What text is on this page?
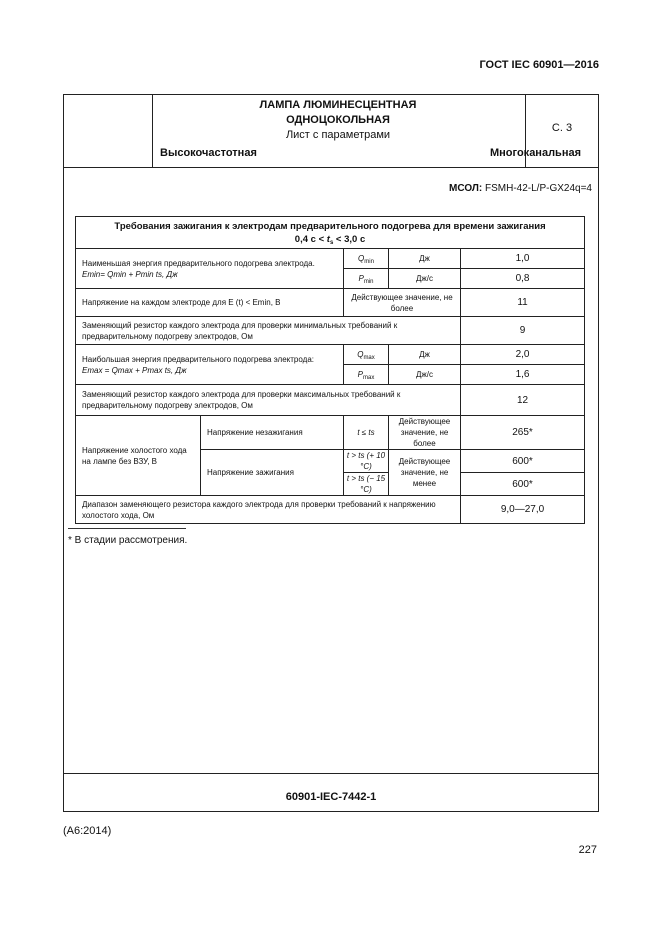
ГОСТ IEC 60901—2016
ЛАМПА ЛЮМИНЕСЦЕНТНАЯ
ОДНОЦОКОЛЬНАЯ
Лист с параметрами
Высокочастотная	Многоканальная
С. 3
МСОЛ: FSMH-42-L/P-GX24q=4
Требования зажигания к электродам предварительного подогрева для времени зажигания
0,4 $с < t_s < 3,0$ с				

Наименьшая энергия предварительного подогрева электрода.
Emin= Qmin + Pmin ts, Дж		$Q_{min}$	Дж	1,0
		$P_{min}$	Дж/с	0,8
Напряжение на каждом электроде для E (t) < Emin, В		Действующее значение, не более		11
Заменяющий резистор каждого электрода для проверки минимальных требований к предварительному подогреву электродов, Ом				9

Наибольшая энергия предварительного подогрева электрода:
Emax = Qmax + Pmax ts, Дж		$Q_{max}$	Дж	2,0
		$P_{max}$	Дж/с	1,6
Заменяющий резистор каждого электрода для проверки максимальных требований к предварительному подогреву электродов, Ом				12
Напряжение холостого хода на лампе без ВЗУ, В	Напряжение незажигания	t ≤ ts	Действующее значение, не более	265*
	Напряжение зажигания	t > ts (+ 10 °C)	Действующее значение, не менее	600*
		t > ts (− 15 °C)		600*
Диапазон заменяющего резистора каждого электрода для проверки требований к напряжению холостого хода, Ом				9,0—27,0
* В стадии рассмотрения.
60901-IEC-7442-1
(A6:2014)
227
